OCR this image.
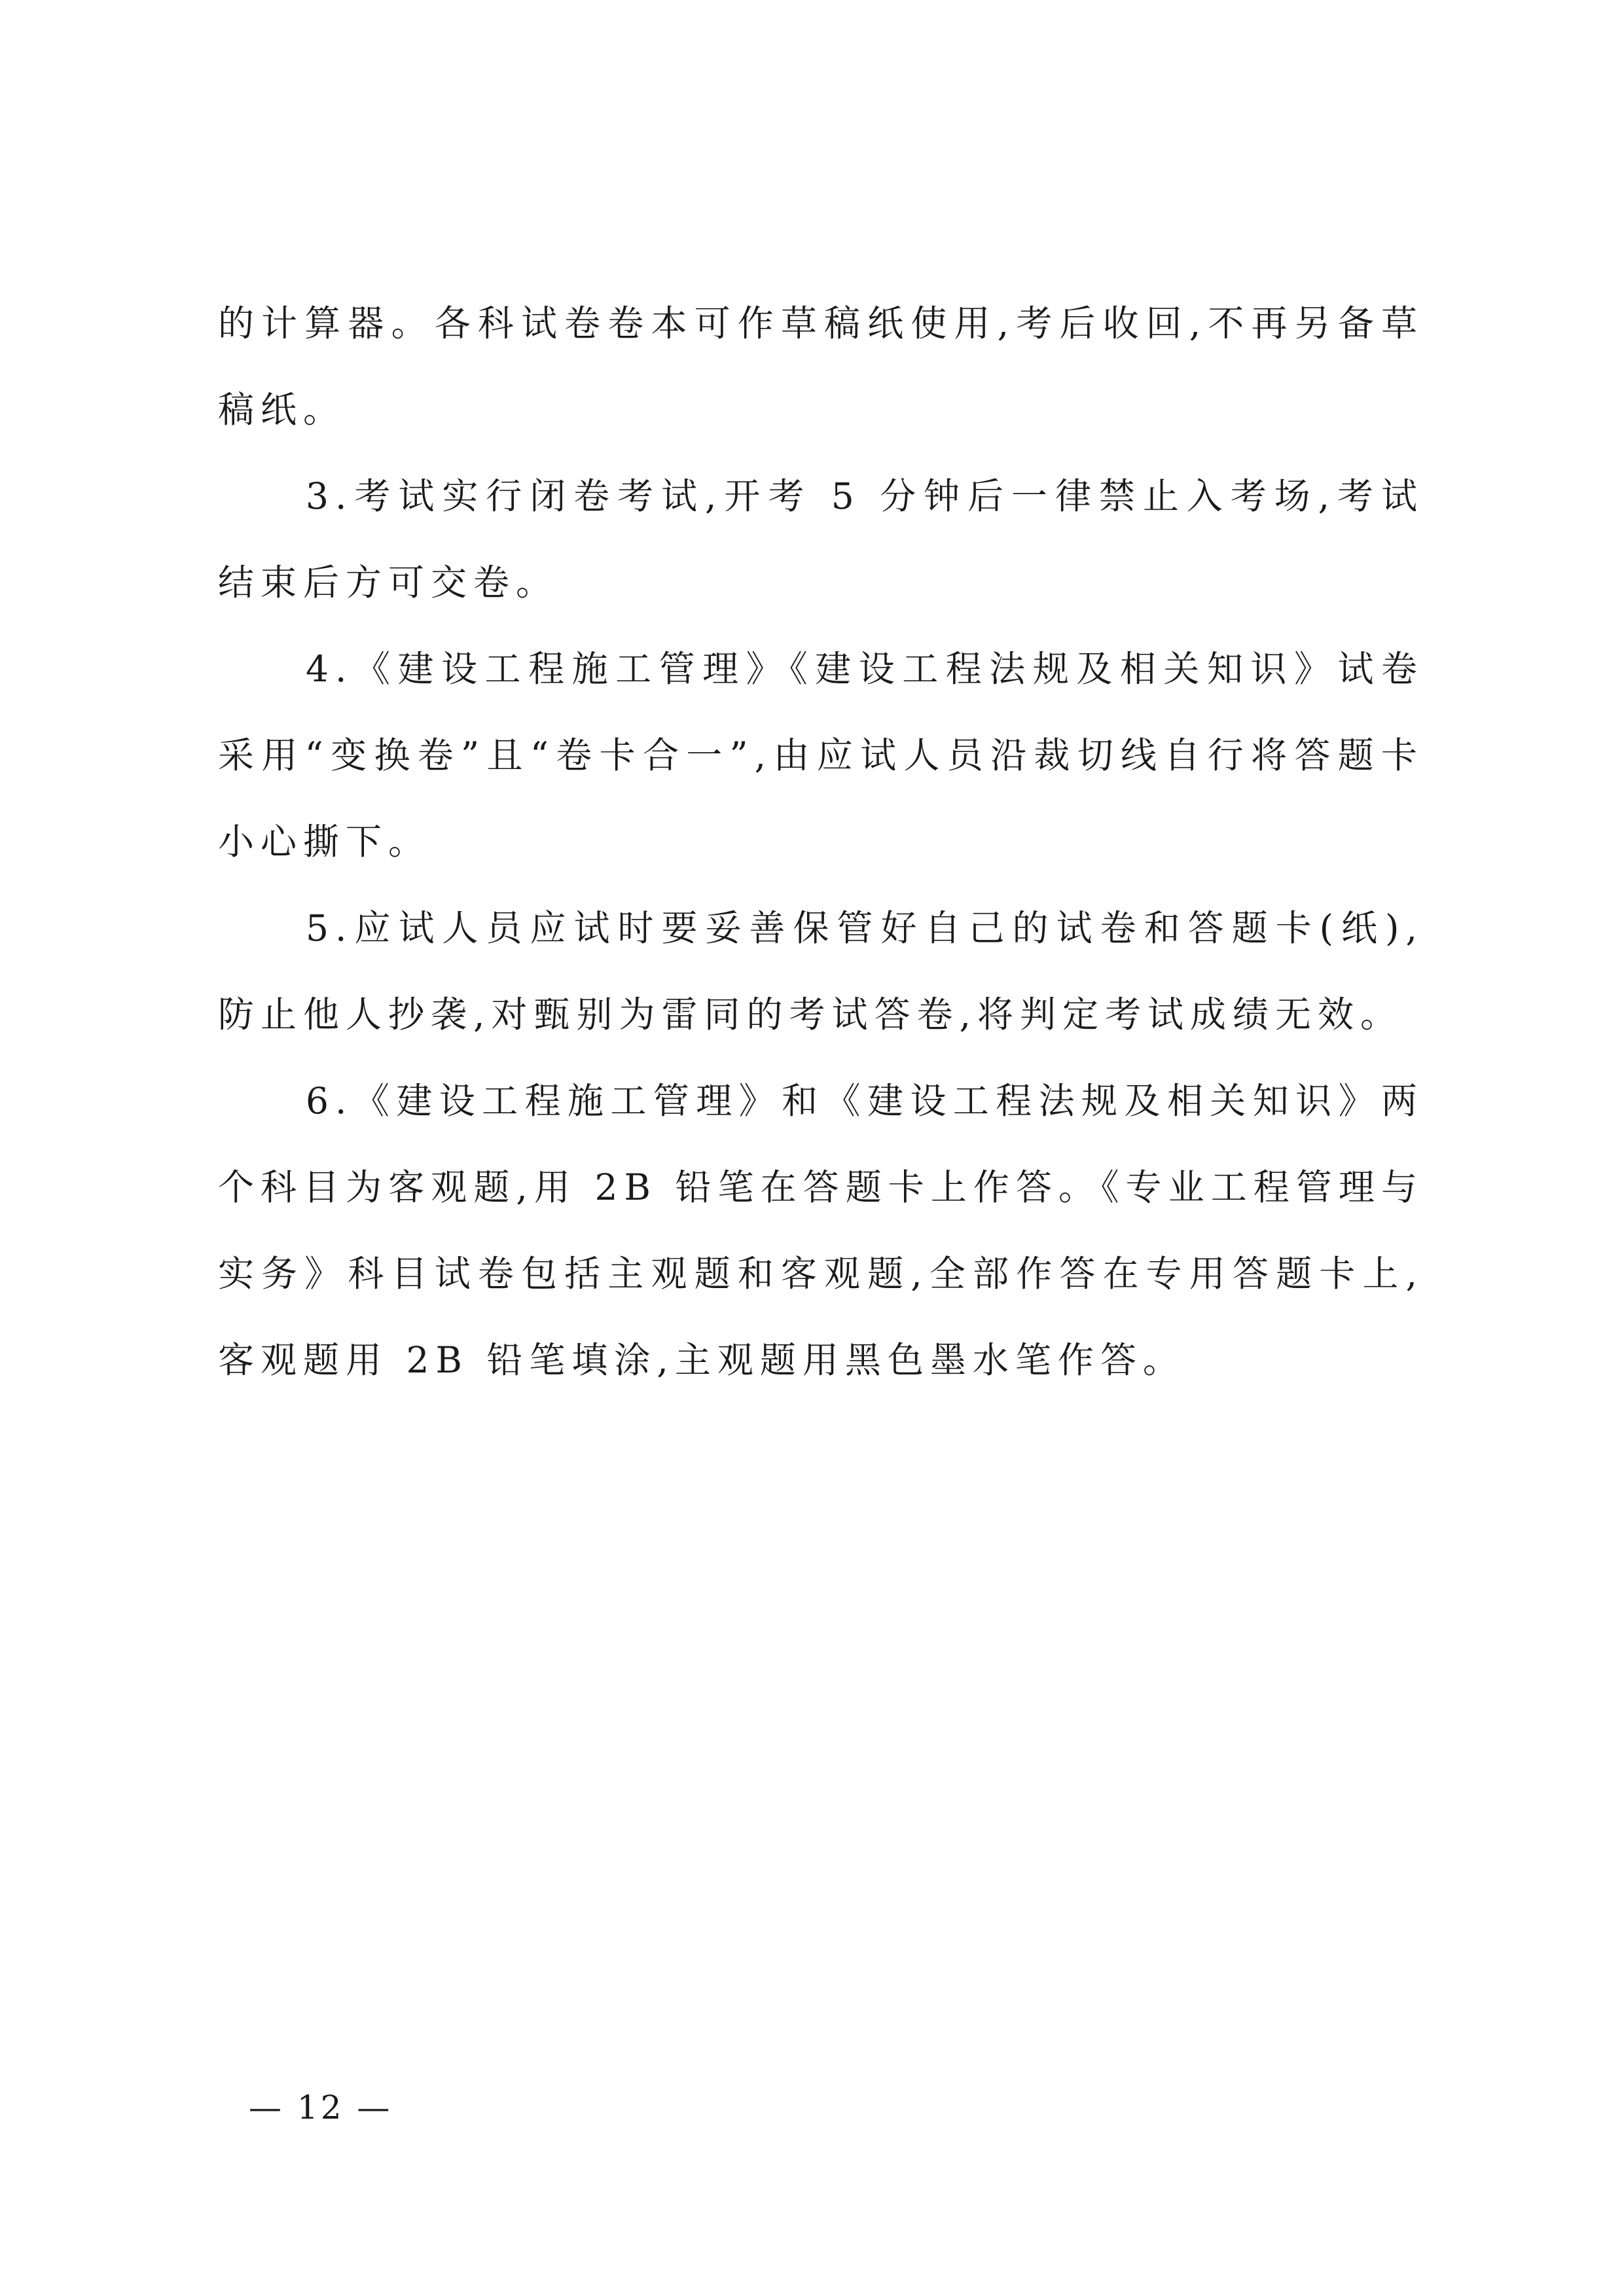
的计算器。各科试卷卷本可作草稿纸使用,考后收回,不再另备草稿纸。

3.考试实行闭卷考试,开考 5 分钟后一律禁止入考场,考试结束后方可交卷。

4.《建设工程施工管理》《建设工程法规及相关知识》试卷采用“变换卷”且“卷卡合一”,由应试人员沿裁切线自行将答题卡小心撕下。

5.应试人员应试时要妥善保管好自己的试卷和答题卡(纸),防止他人抄袭,对甄别为雷同的考试答卷,将判定考试成绩无效。

6.《建设工程施工管理》和《建设工程法规及相关知识》两个科目为客观题,用 2B 铅笔在答题卡上作答。《专业工程管理与实务》科目试卷包括主观题和客观题,全部作答在专用答题卡上,客观题用 2B 铅笔填涂,主观题用黑色墨水笔作答。

— 12 —
